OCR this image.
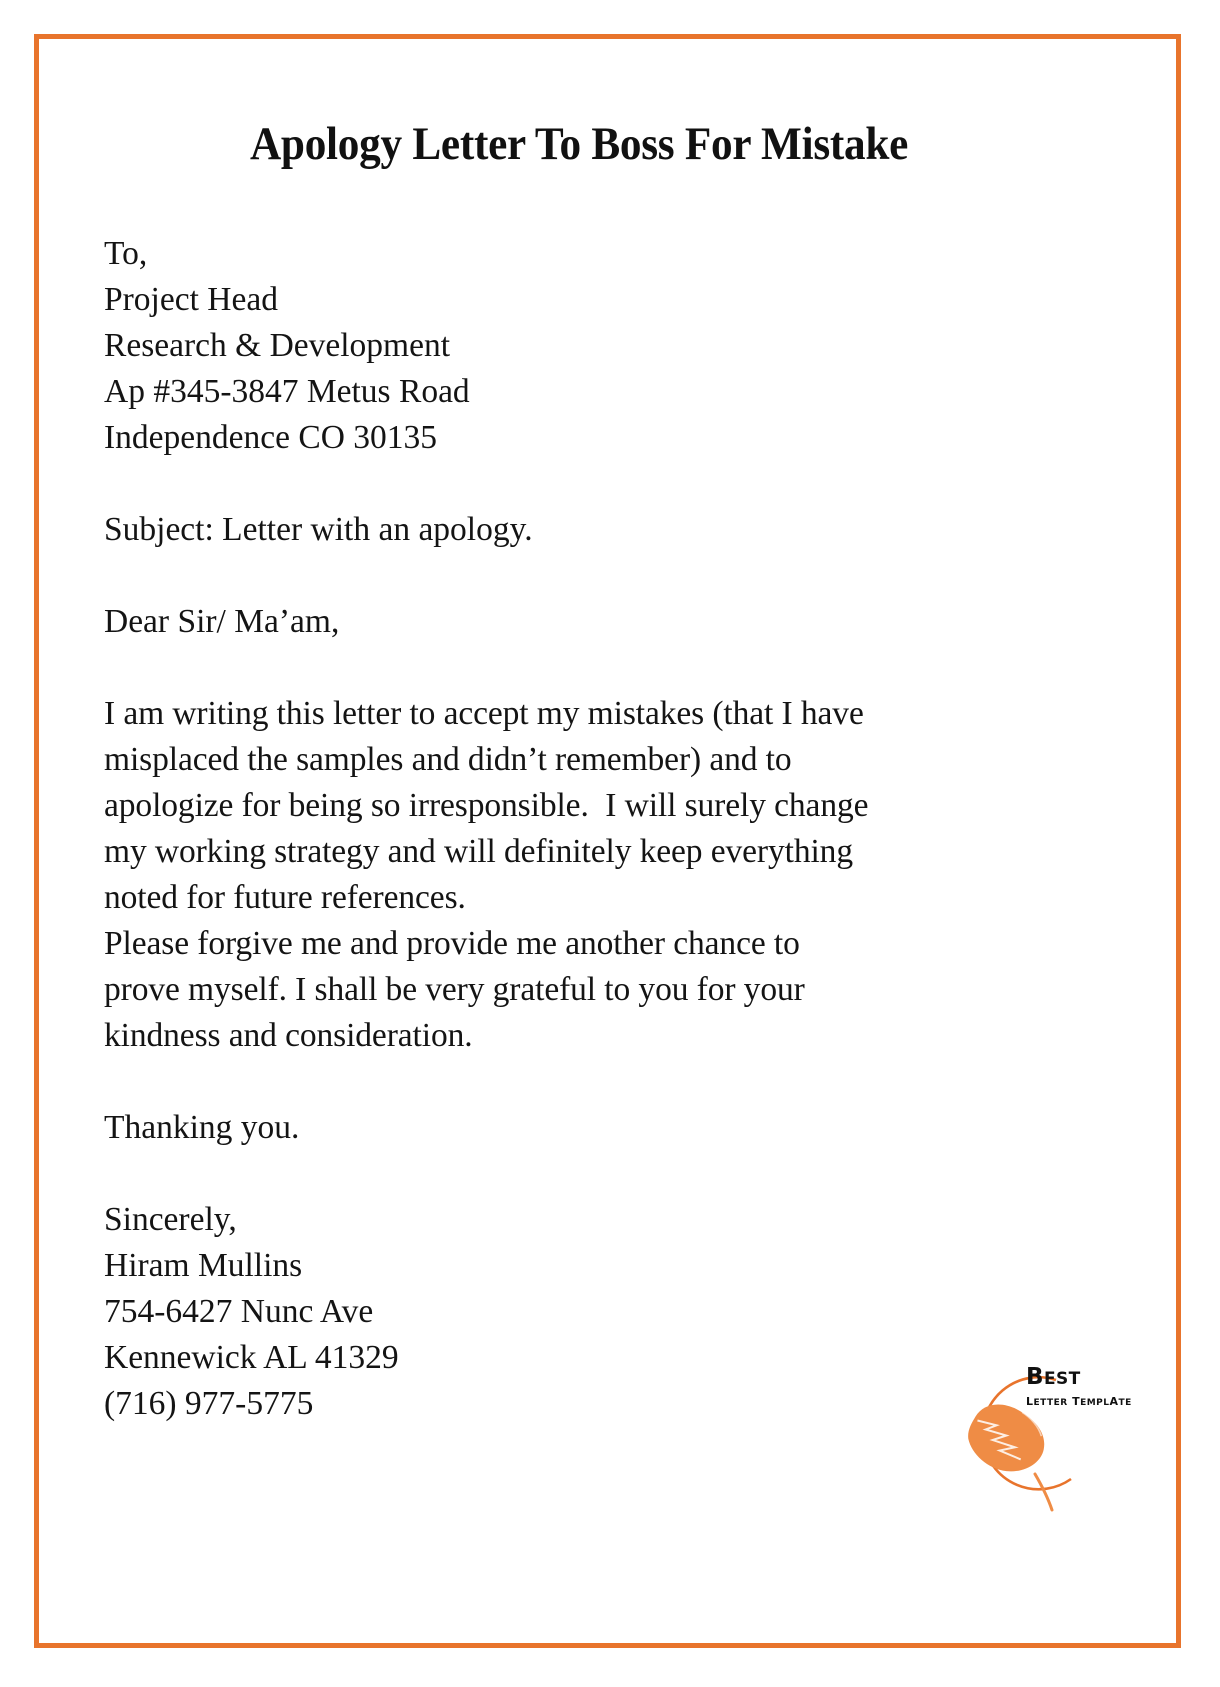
Apology Letter To Boss For Mistake
To,
Project Head
Research & Development
Ap #345-3847 Metus Road
Independence CO 30135
Subject: Letter with an apology.
Dear Sir/ Ma’am,
I am writing this letter to accept my mistakes (that I have
misplaced the samples and didn’t remember) and to
apologize for being so irresponsible.  I will surely change
my working strategy and will definitely keep everything
noted for future references.
Please forgive me and provide me another chance to
prove myself. I shall be very grateful to you for your
kindness and consideration.
Thanking you.
Sincerely,
Hiram Mullins
754-6427 Nunc Ave
Kennewick AL 41329
(716) 977-5775
BEST
LETTER TEMPLATE
